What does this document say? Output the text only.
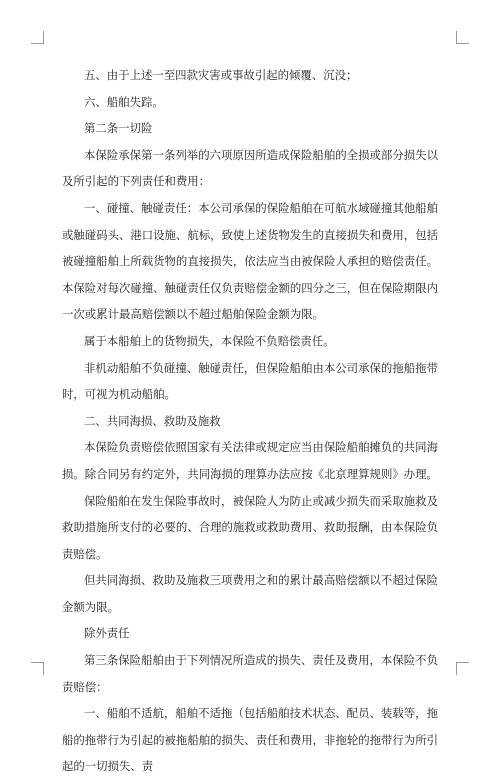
五、由于上述一至四款灾害或事故引起的倾覆、沉没；

六、船舶失踪。

第二条一切险

本保险承保第一条列举的六项原因所造成保险船舶的全损或部分损失以及所引起的下列责任和费用：

一、碰撞、触碰责任：本公司承保的保险船舶在可航水域碰撞其他船舶或触碰码头、港口设施、航标，致使上述货物发生的直接损失和费用，包括被碰撞船舶上所载货物的直接损失，依法应当由被保险人承担的赔偿责任。本保险对每次碰撞、触碰责任仅负责赔偿金额的四分之三，但在保险期限内一次或累计最高赔偿额以不超过船舶保险金额为限。

属于本船舶上的货物损失，本保险不负赔偿责任。

非机动船舶不负碰撞、触碰责任，但保险船舶由本公司承保的拖船拖带时，可视为机动船舶。

二、共同海损、救助及施救

本保险负责赔偿依照国家有关法律或规定应当由保险船舶摊负的共同海损。除合同另有约定外，共同海损的理算办法应按《北京理算规则》办理。

保险船舶在发生保险事故时，被保险人为防止或减少损失而采取施救及救助措施所支付的必要的、合理的施救或救助费用、救助报酬，由本保险负责赔偿。

但共同海损、救助及施救三项费用之和的累计最高赔偿额以不超过保险金额为限。

除外责任

第三条保险船舶由于下列情况所造成的损失、责任及费用，本保险不负责赔偿：

一、船舶不适航，船舶不适拖（包括船舶技术状态、配员、装载等，拖船的拖带行为引起的被拖船舶的损失、责任和费用，非拖轮的拖带行为所引起的一切损失、责
